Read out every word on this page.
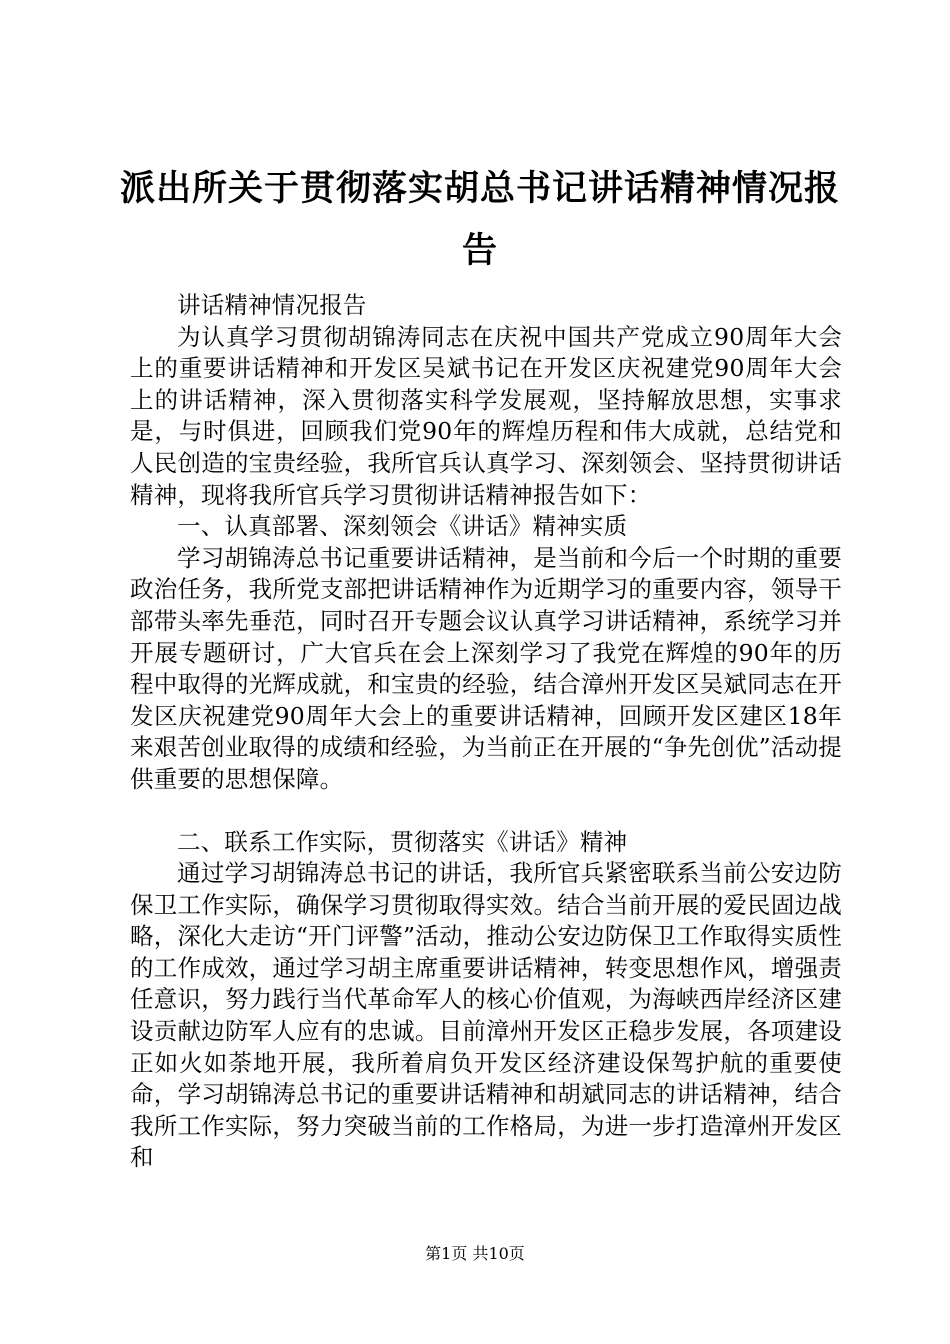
派出所关于贯彻落实胡总书记讲话精神情况报告

讲话精神情况报告

为认真学习贯彻胡锦涛同志在庆祝中国共产党成立90周年大会上的重要讲话精神和开发区吴斌书记在开发区庆祝建党90周年大会上的讲话精神，深入贯彻落实科学发展观，坚持解放思想，实事求是，与时俱进，回顾我们党90年的辉煌历程和伟大成就，总结党和人民创造的宝贵经验，我所官兵认真学习、深刻领会、坚持贯彻讲话精神，现将我所官兵学习贯彻讲话精神报告如下：

一、认真部署、深刻领会《讲话》精神实质

学习胡锦涛总书记重要讲话精神，是当前和今后一个时期的重要政治任务，我所党支部把讲话精神作为近期学习的重要内容，领导干部带头率先垂范，同时召开专题会议认真学习讲话精神，系统学习并开展专题研讨，广大官兵在会上深刻学习了我党在辉煌的90年的历程中取得的光辉成就，和宝贵的经验，结合漳州开发区吴斌同志在开发区庆祝建党90周年大会上的重要讲话精神，回顾开发区建区18年来艰苦创业取得的成绩和经验，为当前正在开展的“争先创优”活动提供重要的思想保障。

二、联系工作实际，贯彻落实《讲话》精神

通过学习胡锦涛总书记的讲话，我所官兵紧密联系当前公安边防保卫工作实际，确保学习贯彻取得实效。结合当前开展的爱民固边战略，深化大走访“开门评警”活动，推动公安边防保卫工作取得实质性的工作成效，通过学习胡主席重要讲话精神，转变思想作风，增强责任意识，努力践行当代革命军人的核心价值观，为海峡西岸经济区建设贡献边防军人应有的忠诚。目前漳州开发区正稳步发展，各项建设正如火如荼地开展，我所着肩负开发区经济建设保驾护航的重要使命，学习胡锦涛总书记的重要讲话精神和胡斌同志的讲话精神，结合我所工作实际，努力突破当前的工作格局，为进一步打造漳州开发区和

第1页 共10页
